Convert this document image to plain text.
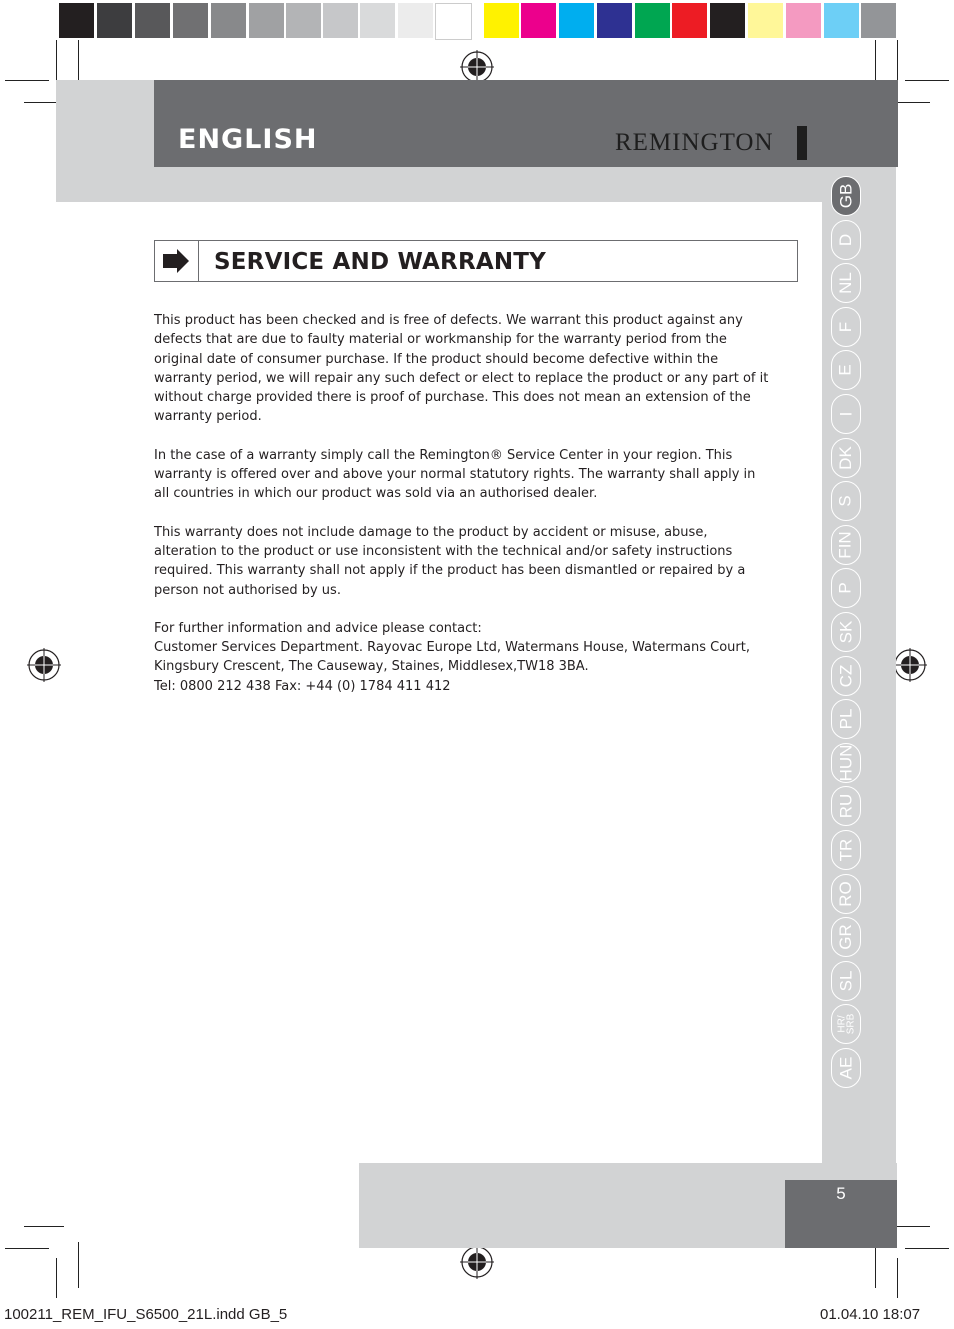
ENGLISH	REMINGTON
GB
D
NL
F
E
I
DK
S
FIN
P
SK
CZ
PL
HUN
RU
TR
RO
GR
SL
HR/
SRB
AE
SERVICE AND WARRANTY

This product has been checked and is free of defects. We warrant this product against any defects that are due to faulty material or workmanship for the warranty period from the original date of consumer purchase. If the product should become defective within the warranty period, we will repair any such defect or elect to replace the product or any part of it without charge provided there is proof of purchase. This does not mean an extension of the warranty period.

In the case of a warranty simply call the Remington® Service Center in your region. This warranty is offered over and above your normal statutory rights. The warranty shall apply in all countries in which our product was sold via an authorised dealer.

This warranty does not include damage to the product by accident or misuse, abuse, alteration to the product or use inconsistent with the technical and/or safety instructions required. This warranty shall not apply if the product has been dismantled or repaired by a person not authorised by us.

For further information and advice please contact:

Customer Services Department. Rayovac Europe Ltd, Watermans House, Watermans Court,

Kingsbury Crescent, The Causeway, Staines, Middlesex,TW18 3BA.

Tel: 0800 212 438 Fax: +44 (0) 1784 411 412

5
100211_REM_IFU_S6500_21L.indd GB_5	01.04.10 18:07
